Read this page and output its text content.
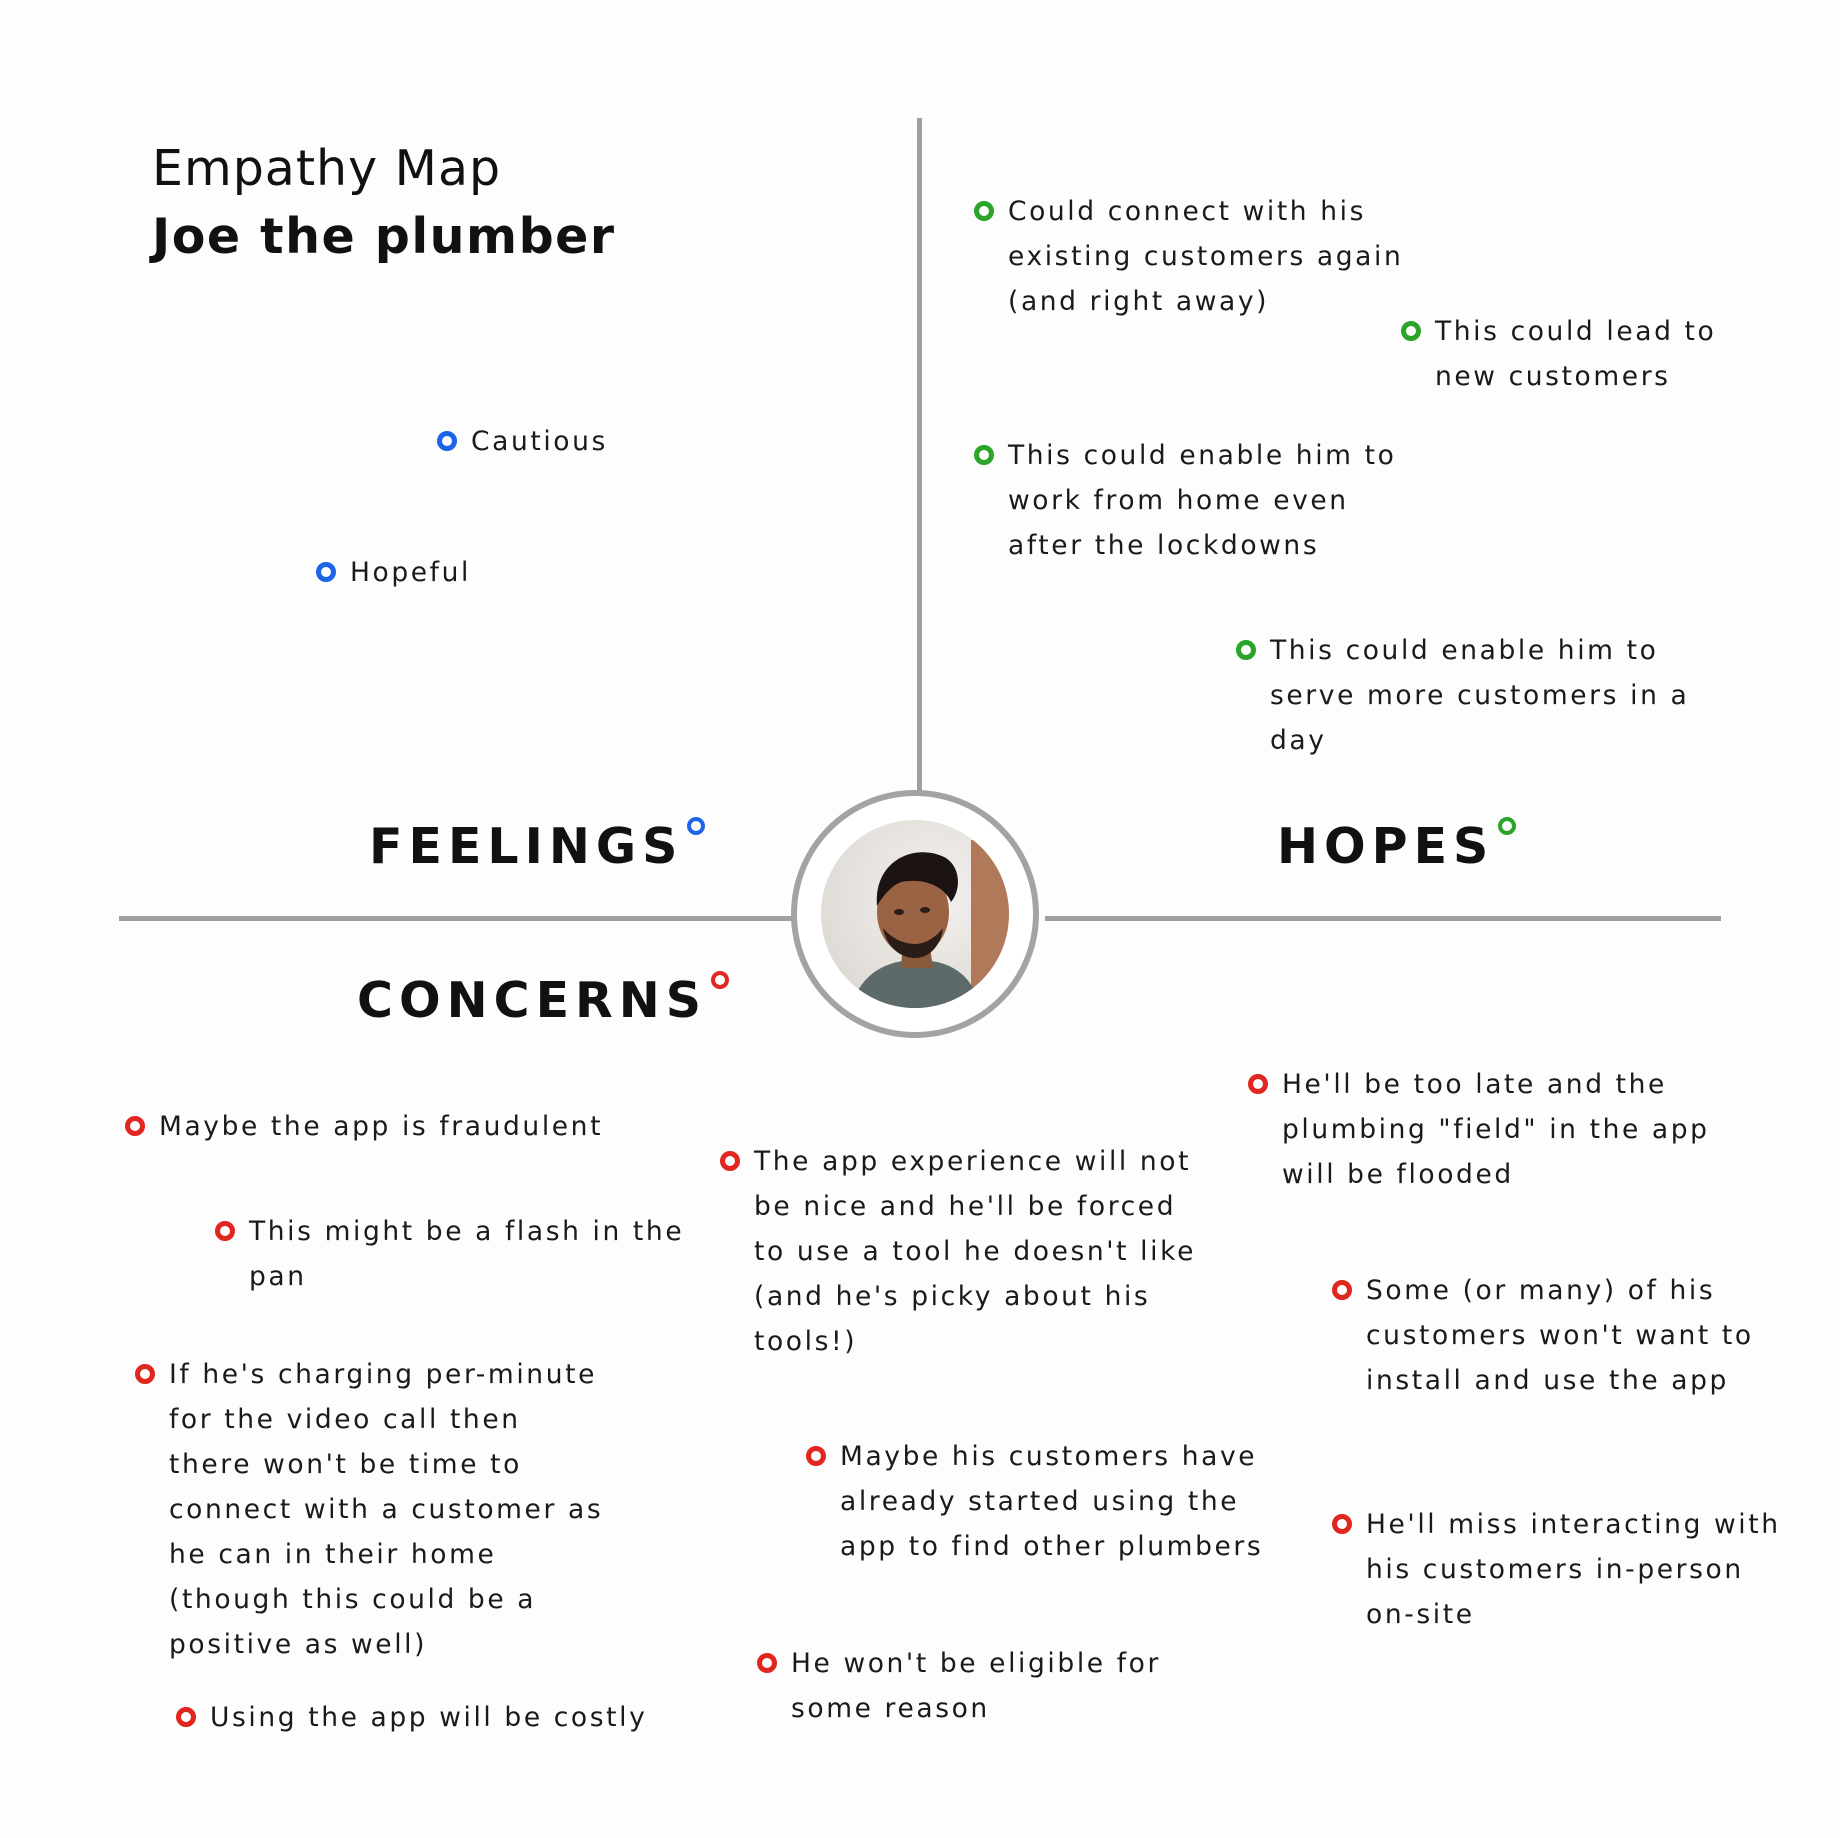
Empathy Map
Joe the plumber
FEELINGS	HOPES
CONCERNS
Cautious
Hopeful
Could connect with his existing customers again (and right away)
This could lead to new customers
This could enable him to work from home even after the lockdowns
This could enable him to serve more customers in a day
Maybe the app is fraudulent
This might be a flash in the pan
If he's charging per-minute for the video call then there won't be time to connect with a customer as he can in their home (though this could be a positive as well)
Using the app will be costly
The app experience will not be nice and he'll be forced to use a tool he doesn't like (and he's picky about his tools!)
Maybe his customers have already started using the app to find other plumbers
He won't be eligible for some reason
He'll be too late and the plumbing "field" in the app will be flooded
Some (or many) of his customers won't want to install and use the app
He'll miss interacting with his customers in-person on-site
